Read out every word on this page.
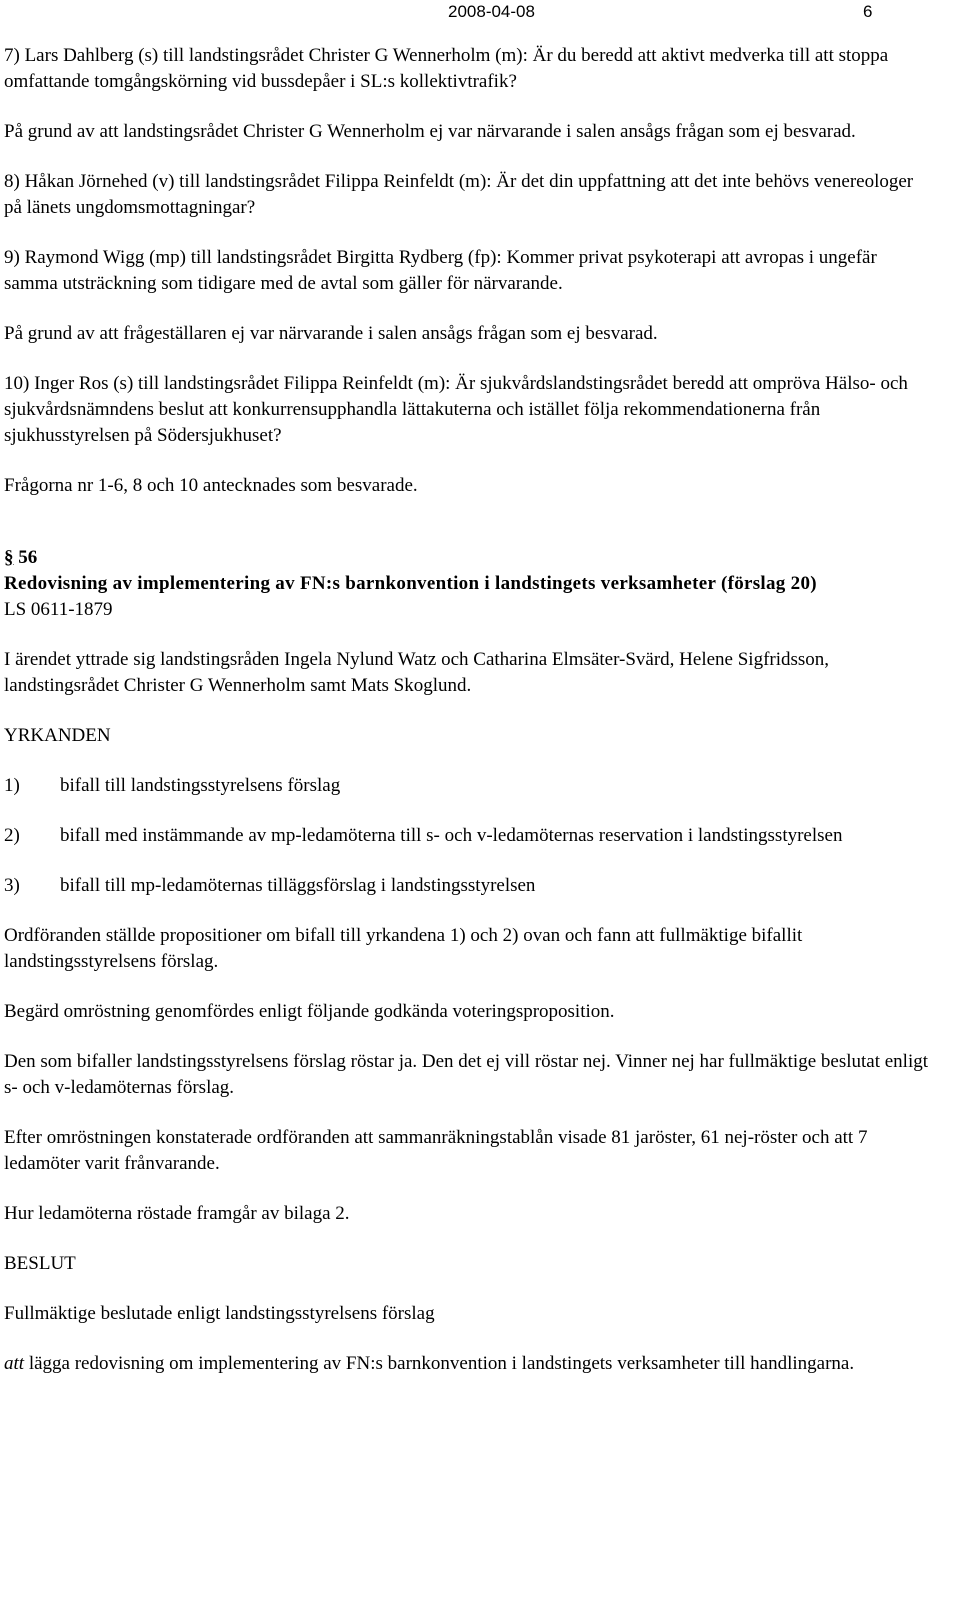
2008-04-08	6

7) Lars Dahlberg (s) till landstingsrådet Christer G Wennerholm (m): Är du beredd att aktivt medverka till att stoppa omfattande tomgångskörning vid bussdepåer i SL:s kollektivtrafik?

På grund av att landstingsrådet Christer G Wennerholm ej var närvarande i salen ansågs frågan som ej besvarad.

8) Håkan Jörnehed (v) till landstingsrådet Filippa Reinfeldt (m): Är det din uppfattning att det inte behövs venereologer på länets ungdomsmottagningar?

9) Raymond Wigg (mp) till landstingsrådet Birgitta Rydberg (fp): Kommer privat psykoterapi att avropas i ungefär samma utsträckning som tidigare med de avtal som gäller för närvarande.

På grund av att frågeställaren ej var närvarande i salen ansågs frågan som ej besvarad.

10) Inger Ros (s) till landstingsrådet Filippa Reinfeldt (m): Är sjukvårdslandstingsrådet beredd att ompröva Hälso- och sjukvårdsnämndens beslut att konkurrensupphandla lättakuterna och istället följa rekommendationerna från sjukhusstyrelsen på Södersjukhuset?

Frågorna nr 1-6, 8 och 10 antecknades som besvarade.

§ 56

Redovisning av implementering av FN:s barnkonvention i landstingets verksamheter (förslag 20)

LS 0611-1879

I ärendet yttrade sig landstingsråden Ingela Nylund Watz och Catharina Elmsäter-Svärd, Helene Sigfridsson, landstingsrådet Christer G Wennerholm samt Mats Skoglund.

YRKANDEN

1)	bifall till landstingsstyrelsens förslag
2)	bifall med instämmande av mp-ledamöterna till s- och v-ledamöternas reservation i landstingsstyrelsen
3)	bifall till mp-ledamöternas tilläggsförslag i landstingsstyrelsen

Ordföranden ställde propositioner om bifall till yrkandena 1) och 2) ovan och fann att fullmäktige bifallit landstingsstyrelsens förslag.

Begärd omröstning genomfördes enligt följande godkända voteringsproposition.

Den som bifaller landstingsstyrelsens förslag röstar ja. Den det ej vill röstar nej. Vinner nej har fullmäktige beslutat enligt s- och v-ledamöternas förslag.

Efter omröstningen konstaterade ordföranden att sammanräkningstablån visade 81 jaröster, 61 nej-röster och att 7 ledamöter varit frånvarande.

Hur ledamöterna röstade framgår av bilaga 2.

BESLUT

Fullmäktige beslutade enligt landstingsstyrelsens förslag

att lägga redovisning om implementering av FN:s barnkonvention i landstingets verksamheter till handlingarna.
